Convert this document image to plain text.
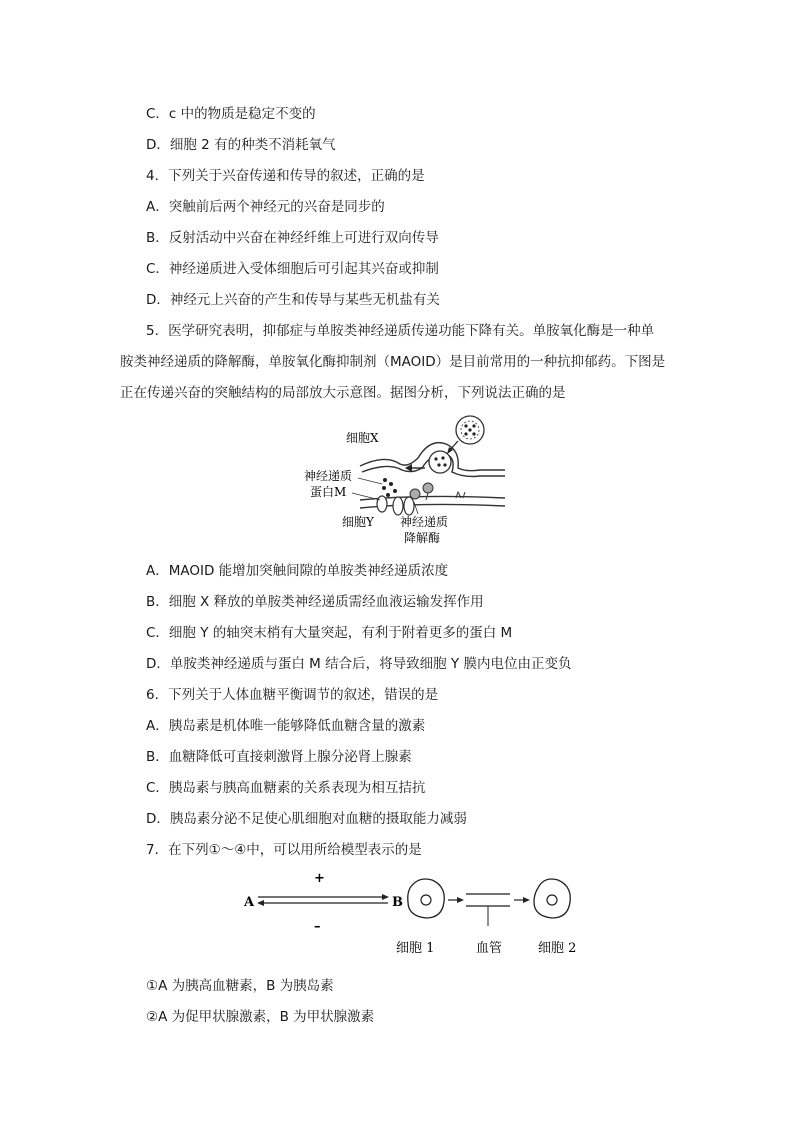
C．c 中的物质是稳定不变的
D．细胞 2 有的种类不消耗氧气
4．下列关于兴奋传递和传导的叙述，正确的是
A．突触前后两个神经元的兴奋是同步的
B．反射活动中兴奋在神经纤维上可进行双向传导
C．神经递质进入受体细胞后可引起其兴奋或抑制
D．神经元上兴奋的产生和传导与某些无机盐有关
5．医学研究表明，抑郁症与单胺类神经递质传递功能下降有关。单胺氧化酶是一种单
胺类神经递质的降解酶，单胺氧化酶抑制剂（MAOID）是目前常用的一种抗抑郁药。下图是
正在传递兴奋的突触结构的局部放大示意图。据图分析，下列说法正确的是
细胞X
神经递质
蛋白M
细胞Y 神经递质
降解酶
A．MAOID 能增加突触间隙的单胺类神经递质浓度
B．细胞 X 释放的单胺类神经递质需经血液运输发挥作用
C．细胞 Y 的轴突末梢有大量突起，有利于附着更多的蛋白 M
D．单胺类神经递质与蛋白 M 结合后，将导致细胞 Y 膜内电位由正变负
6．下列关于人体血糖平衡调节的叙述，错误的是
A．胰岛素是机体唯一能够降低血糖含量的激素
B．血糖降低可直接刺激肾上腺分泌肾上腺素
C．胰岛素与胰高血糖素的关系表现为相互拮抗
D．胰岛素分泌不足使心肌细胞对血糖的摄取能力减弱
7．在下列①～④中，可以用所给模型表示的是
A	B
+
–
细胞 1	血管	细胞 2
①A 为胰高血糖素，B 为胰岛素
②A 为促甲状腺激素，B 为甲状腺激素
